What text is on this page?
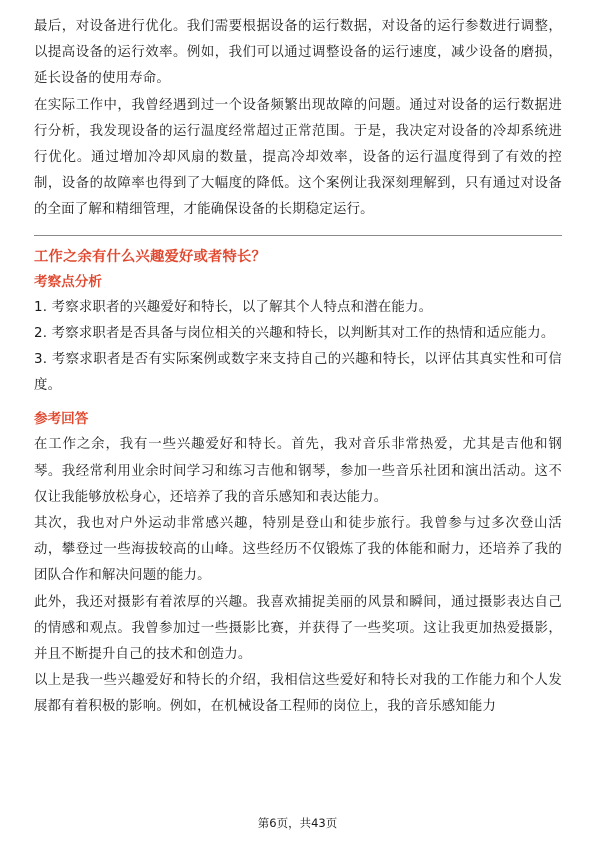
最后，对设备进行优化。我们需要根据设备的运行数据，对设备的运行参数进行调整，以提高设备的运行效率。例如，我们可以通过调整设备的运行速度，减少设备的磨损，延长设备的使用寿命。

在实际工作中，我曾经遇到过一个设备频繁出现故障的问题。通过对设备的运行数据进行分析，我发现设备的运行温度经常超过正常范围。于是，我决定对设备的冷却系统进行优化。通过增加冷却风扇的数量，提高冷却效率，设备的运行温度得到了有效的控制，设备的故障率也得到了大幅度的降低。这个案例让我深刻理解到，只有通过对设备的全面了解和精细管理，才能确保设备的长期稳定运行。

工作之余有什么兴趣爱好或者特长？
考察点分析

1. 考察求职者的兴趣爱好和特长，以了解其个人特点和潜在能力。

2. 考察求职者是否具备与岗位相关的兴趣和特长，以判断其对工作的热情和适应能力。

3. 考察求职者是否有实际案例或数字来支持自己的兴趣和特长，以评估其真实性和可信度。

参考回答

在工作之余，我有一些兴趣爱好和特长。首先，我对音乐非常热爱，尤其是吉他和钢琴。我经常利用业余时间学习和练习吉他和钢琴，参加一些音乐社团和演出活动。这不仅让我能够放松身心，还培养了我的音乐感知和表达能力。

其次，我也对户外运动非常感兴趣，特别是登山和徒步旅行。我曾参与过多次登山活动，攀登过一些海拔较高的山峰。这些经历不仅锻炼了我的体能和耐力，还培养了我的团队合作和解决问题的能力。

此外，我还对摄影有着浓厚的兴趣。我喜欢捕捉美丽的风景和瞬间，通过摄影表达自己的情感和观点。我曾参加过一些摄影比赛，并获得了一些奖项。这让我更加热爱摄影，并且不断提升自己的技术和创造力。

以上是我一些兴趣爱好和特长的介绍，我相信这些爱好和特长对我的工作能力和个人发展都有着积极的影响。例如，在机械设备工程师的岗位上，我的音乐感知能力

第6页，共43页
